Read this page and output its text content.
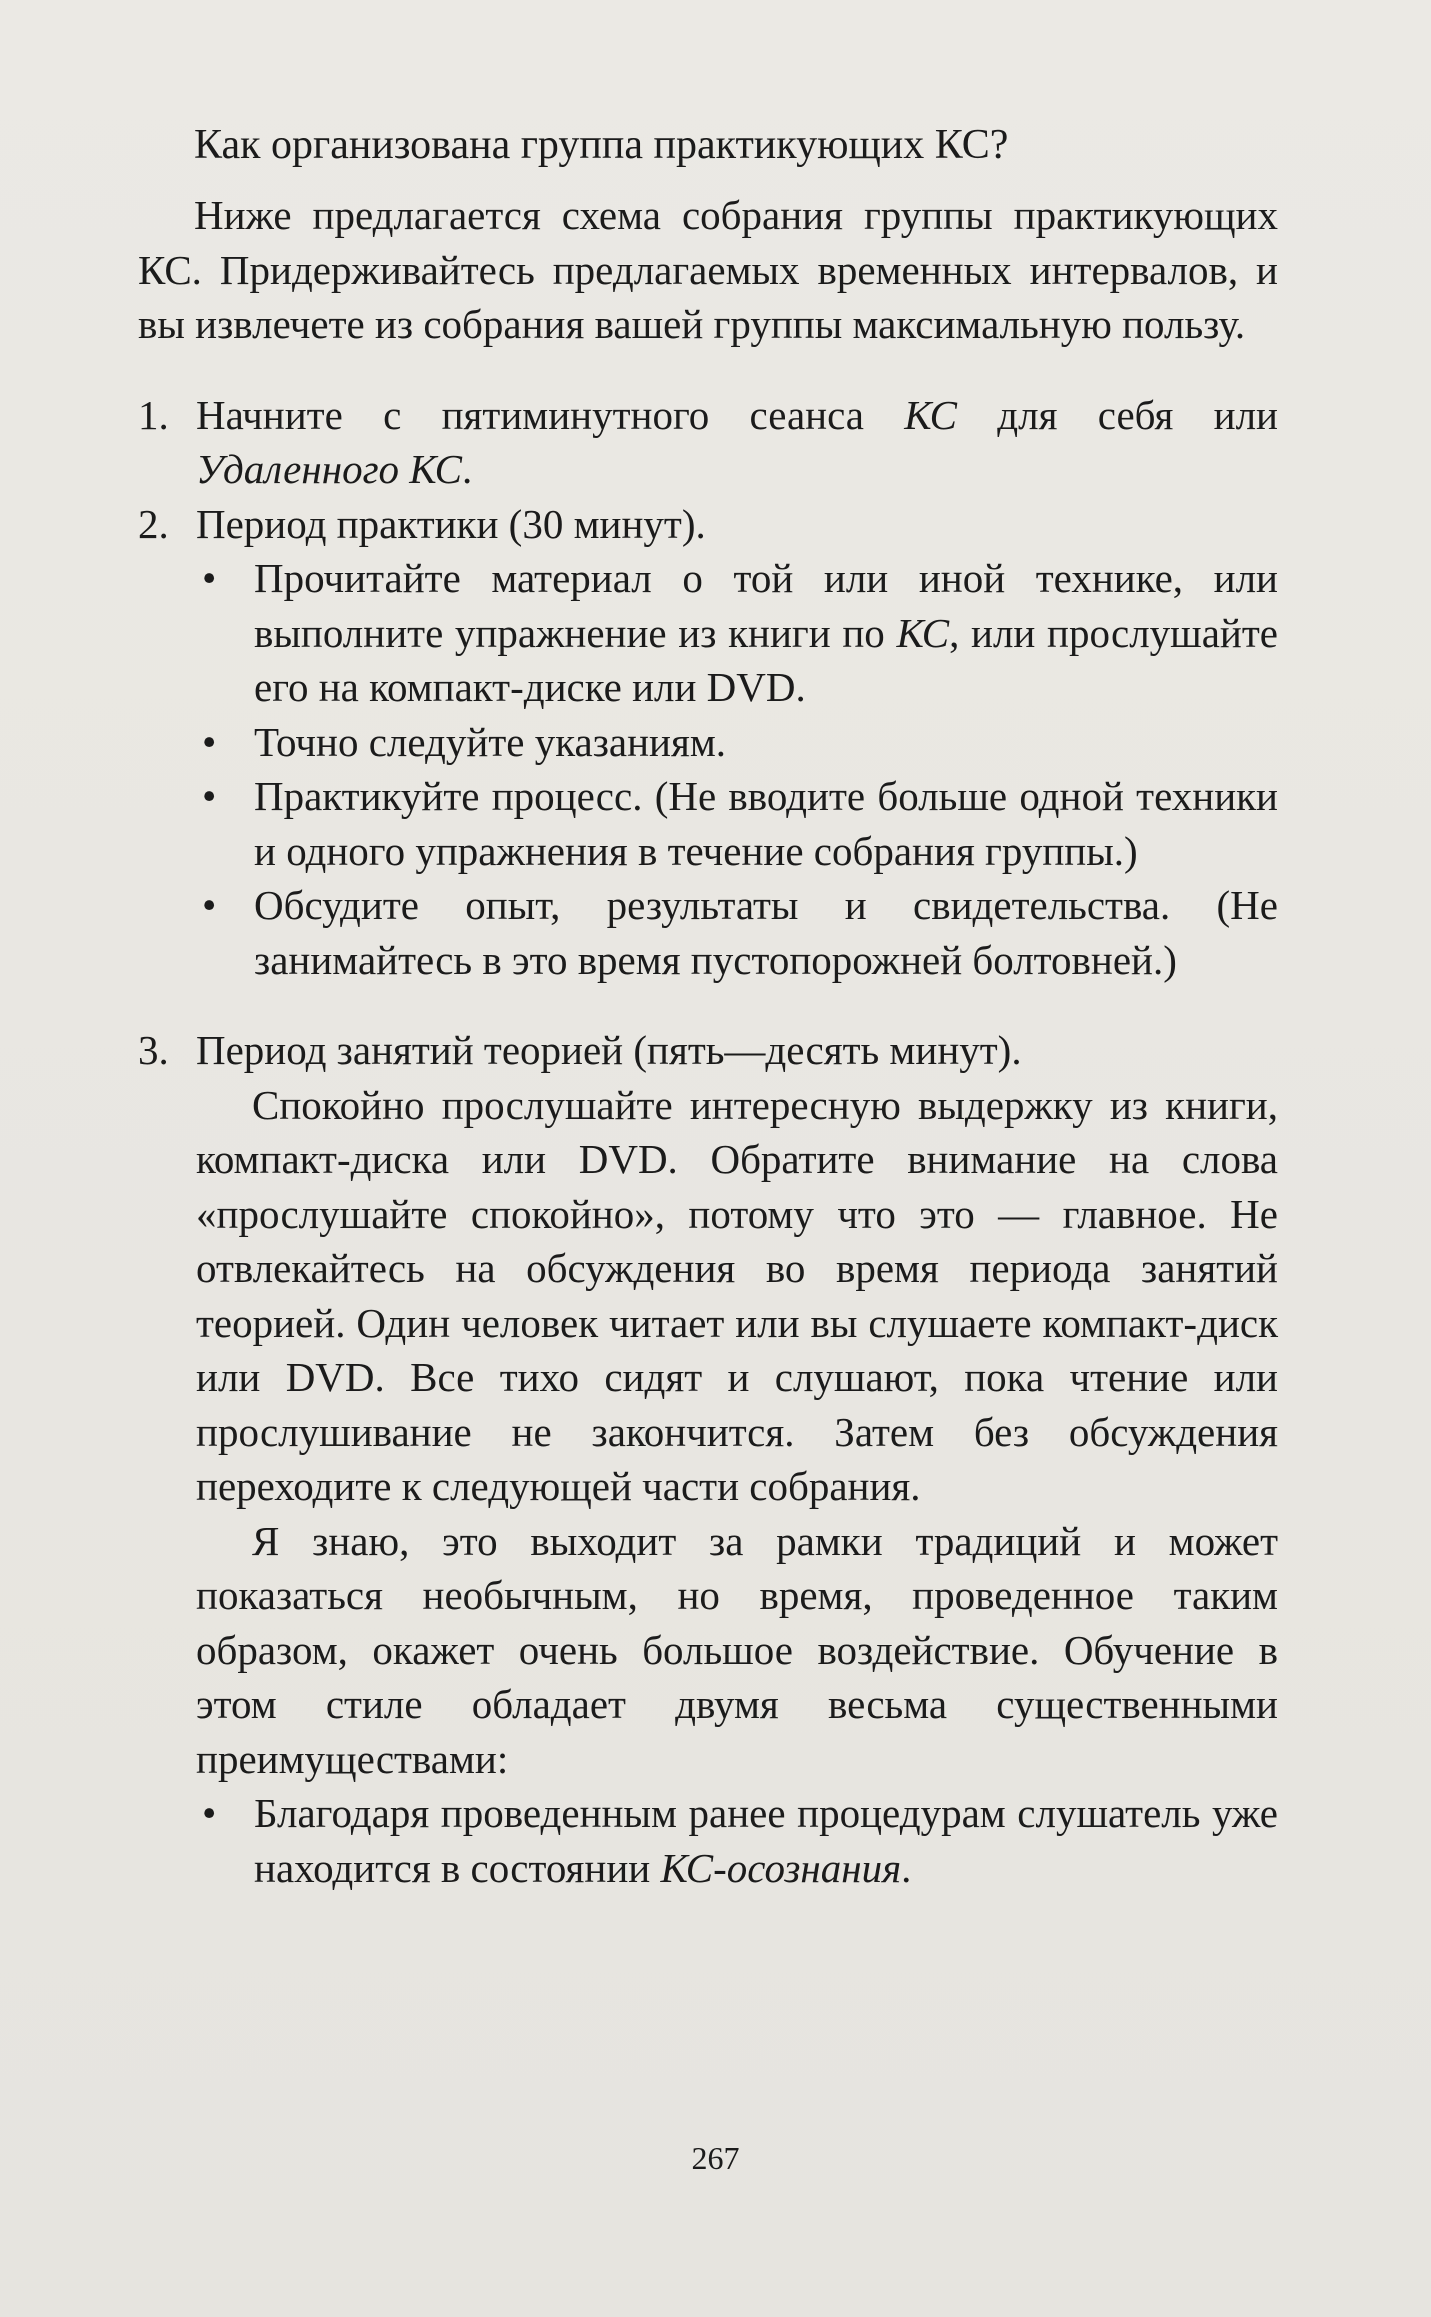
Как организована группа практикующих КС?

Ниже предлагается схема собрания группы практикующих КС. Придерживайтесь предлагаемых временных интервалов, и вы извлечете из собрания вашей группы максимальную пользу.

1. Начните с пятиминутного сеанса КС для себя или Удаленного КС.
2. Период практики (30 минут).
• Прочитайте материал о той или иной технике, или выполните упражнение из книги по КС, или прослушайте его на компакт-диске или DVD.
• Точно следуйте указаниям.
• Практикуйте процесс. (Не вводите больше одной техники и одного упражнения в течение собрания группы.)
• Обсудите опыт, результаты и свидетельства. (Не занимайтесь в это время пустопорожней болтовней.)
3. Период занятий теорией (пять—десять минут).

Спокойно прослушайте интересную выдержку из книги, компакт-диска или DVD. Обратите внимание на слова «прослушайте спокойно», потому что это — главное. Не отвлекайтесь на обсуждения во время периода занятий теорией. Один человек читает или вы слушаете компакт-диск или DVD. Все тихо сидят и слушают, пока чтение или прослушивание не закончится. Затем без обсуждения переходите к следующей части собрания.

Я знаю, это выходит за рамки традиций и может показаться необычным, но время, проведенное таким образом, окажет очень большое воздействие. Обучение в этом стиле обладает двумя весьма существенными преимуществами:

• Благодаря проведенным ранее процедурам слушатель уже находится в состоянии КС-осознания.
267
